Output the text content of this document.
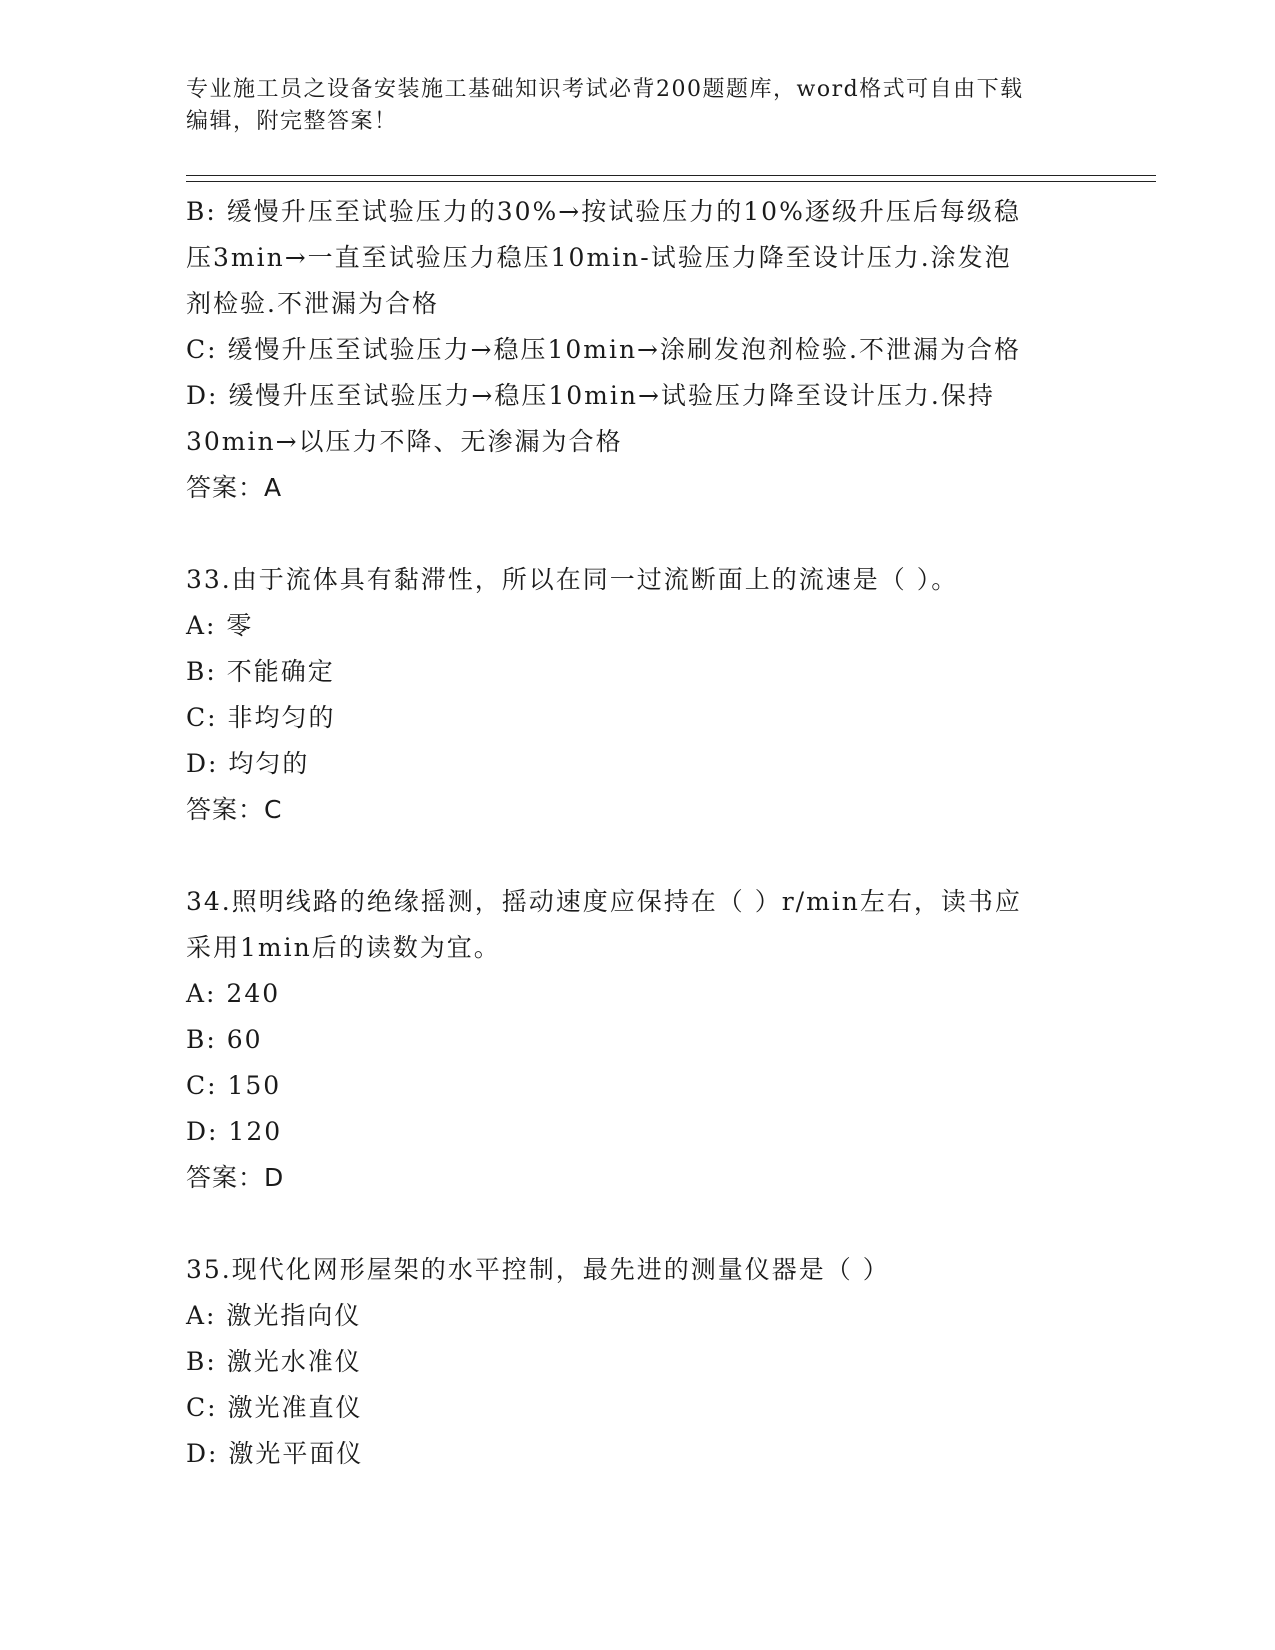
专业施工员之设备安装施工基础知识考试必背200题题库，word格式可自由下载
编辑，附完整答案！
B: 缓慢升压至试验压力的30%→按试验压力的10%逐级升压后每级稳
压3min→一直至试验压力稳压10min-试验压力降至设计压力.涂发泡
剂检验.不泄漏为合格
C: 缓慢升压至试验压力→稳压10min→涂刷发泡剂检验.不泄漏为合格
D: 缓慢升压至试验压力→稳压10min→试验压力降至设计压力.保持
30min→以压力不降、无渗漏为合格
答案：A
33.由于流体具有黏滞性，所以在同一过流断面上的流速是（ ）。
A: 零
B: 不能确定
C: 非均匀的
D: 均匀的
答案：C
34.照明线路的绝缘摇测，摇动速度应保持在（ ）r/min左右，读书应
采用1min后的读数为宜。
A: 240
B: 60
C: 150
D: 120
答案：D
35.现代化网形屋架的水平控制，最先进的测量仪器是（ ）
A: 激光指向仪
B: 激光水准仪
C: 激光准直仪
D: 激光平面仪
